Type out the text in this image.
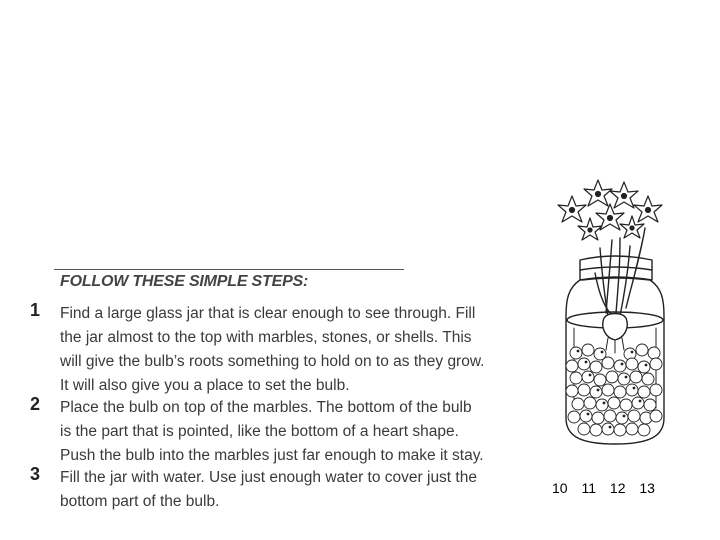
FOLLOW THESE SIMPLE STEPS:
1 Find a large glass jar that is clear enough to see through. Fill
the jar almost to the top with marbles, stones, or shells. This
will give the bulb’s roots something to hold on to as they grow.
It will also give you a place to set the bulb.
2 Place the bulb on top of the marbles. The bottom of the bulb
is the part that is pointed, like the bottom of a heart shape.
Push the bulb into the marbles just far enough to make it stay.
3 Fill the jar with water. Use just enough water to cover just the
bottom part of the bulb.
10 11 12 13
